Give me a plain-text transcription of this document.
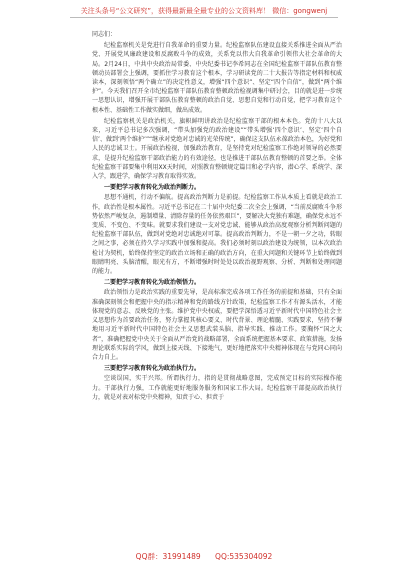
关注头条号“公文研究”，获得最新最全最专业的公文资料库！ 微信：gongwenj
同志们：

纪检监察机关是党进行自我革命的重要力量。纪检监察队伍建设直接关系推进全面从严治党、开展党风廉政建设和反腐败斗争的成效，关系党以伟大自我革命引领伟大社会革命的大局。2月24日，中共中央政治局常委、中央纪委书记李希同志在全国纪检监察干部队伍教育整顿动员部署会上强调，要抓住学习教育这个根本，学习研读党的二十大报告等指定材料和权威读本，深刻领悟“两个确立”的决定性意义，增强“四个意识”、坚定“四个自信”，做到“两个维护”。今天我们召开全市纪检监察干部队伍教育整顿政治检视调集中研讨会，目的就是进一步统一思想认识，增强开展干部队伍教育整顿的政治自觉、思想自觉和行动自觉，把学习教育这个根本性、基础性工作做实做细，做出成效。

纪检监察机关是政治机关，旗帜鲜明讲政治是纪检监察干部的根本本色。党的十八大以来，习近平总书记多次强调，“带头加强党的政治建设”“带头增强‘四个意识’、坚定‘四个自信’、做到‘两个维护’”“继承对党绝对忠诚的光荣传统”，确保这支队伍永葆政治本色，为好党和人民的忠诚卫士。开展政治检视，加强政治教育，是坚持党对纪检监察工作绝对领导的必然要求，是提升纪检监察干部政治能力的有效途径，也是推进干部队伍教育整顿的首要之举。全体纪检监察干部要集中利用XX天时间，对照教育整顿规定篇目和必学内容，潜心学、系统学、深入学，跟进学，确保学习教育取得实效。

一要把学习教育转化为政治判断力。

思想不通机，行动不偏航。提高政治判断力是前提。纪检监察工作从本质上看就是政治工作，政治性是根本属性。习近平总书记在二十届中央纪委二次全会上强调，“当前反腐败斗争形势依然严峻复杂，遏制增量、清除存量的任务依然艰巨”，要解决大党独有难题，确保党永远不变质、不变色、不变味。就要求我们建设一支对党忠诚、能够从政治高度观察分析判断问题的纪检监察干部队伍，做到对党绝对忠诚绝对可靠。提高政治判断力，不是一朝一夕之功，转眼之间之事，必须在持久学习实践中加强和提高。我们必须时刻以政治建设为统领，以本次政治检讨为契机，始终保持坚定的政治立场和正确的政治方向，在重大问题和关键环节上始终做到眼睛明亮、头脑清醒，眼光有方，不断增强时时处处以政治视野观察、分析、判断和处理问题的能力。

二要把学习教育转化为政治领悟力。

政治领悟力是政治实践的重要先导，是高标准完成各项工作任务的前提和基础，只有全面准确深刻领会和把握中央的指示精神和党的路线方针政策，纪检监察工作才有源头活水，才能体现党的意志、反映党的主张。维护党中央权威，要把学深悟透习近平新时代中国特色社会主义思想作为首要政治任务，努力掌握其核心要义、时代背景、理论精髓、实践要求，坚持不懈地用习近平新时代中国特色社会主义思想武装头脑、指导实践、推动工作。要胸怀“国之大者”，准确把握党中央关于全面从严治党的战略部署，全面系统把握基本要求、政策措施，发扬理论联系实际的学风，做到上接天线、下接地气，更好地把落实中央精神体现在与党同心同向合力自上。

三要把学习教育转化为政治执行力。

空谈误国，实干兴邦。所谓执行力，指的是贯彻战略意图，完成预定目标的实际操作能力。干部执行力强，工作就能更好地服务服务和国家工作大局。纪检监察干部提高政治执行力，就是对表对标党中央精神，知责于心、担责于

QQ群：31991489 QQ:535304092
